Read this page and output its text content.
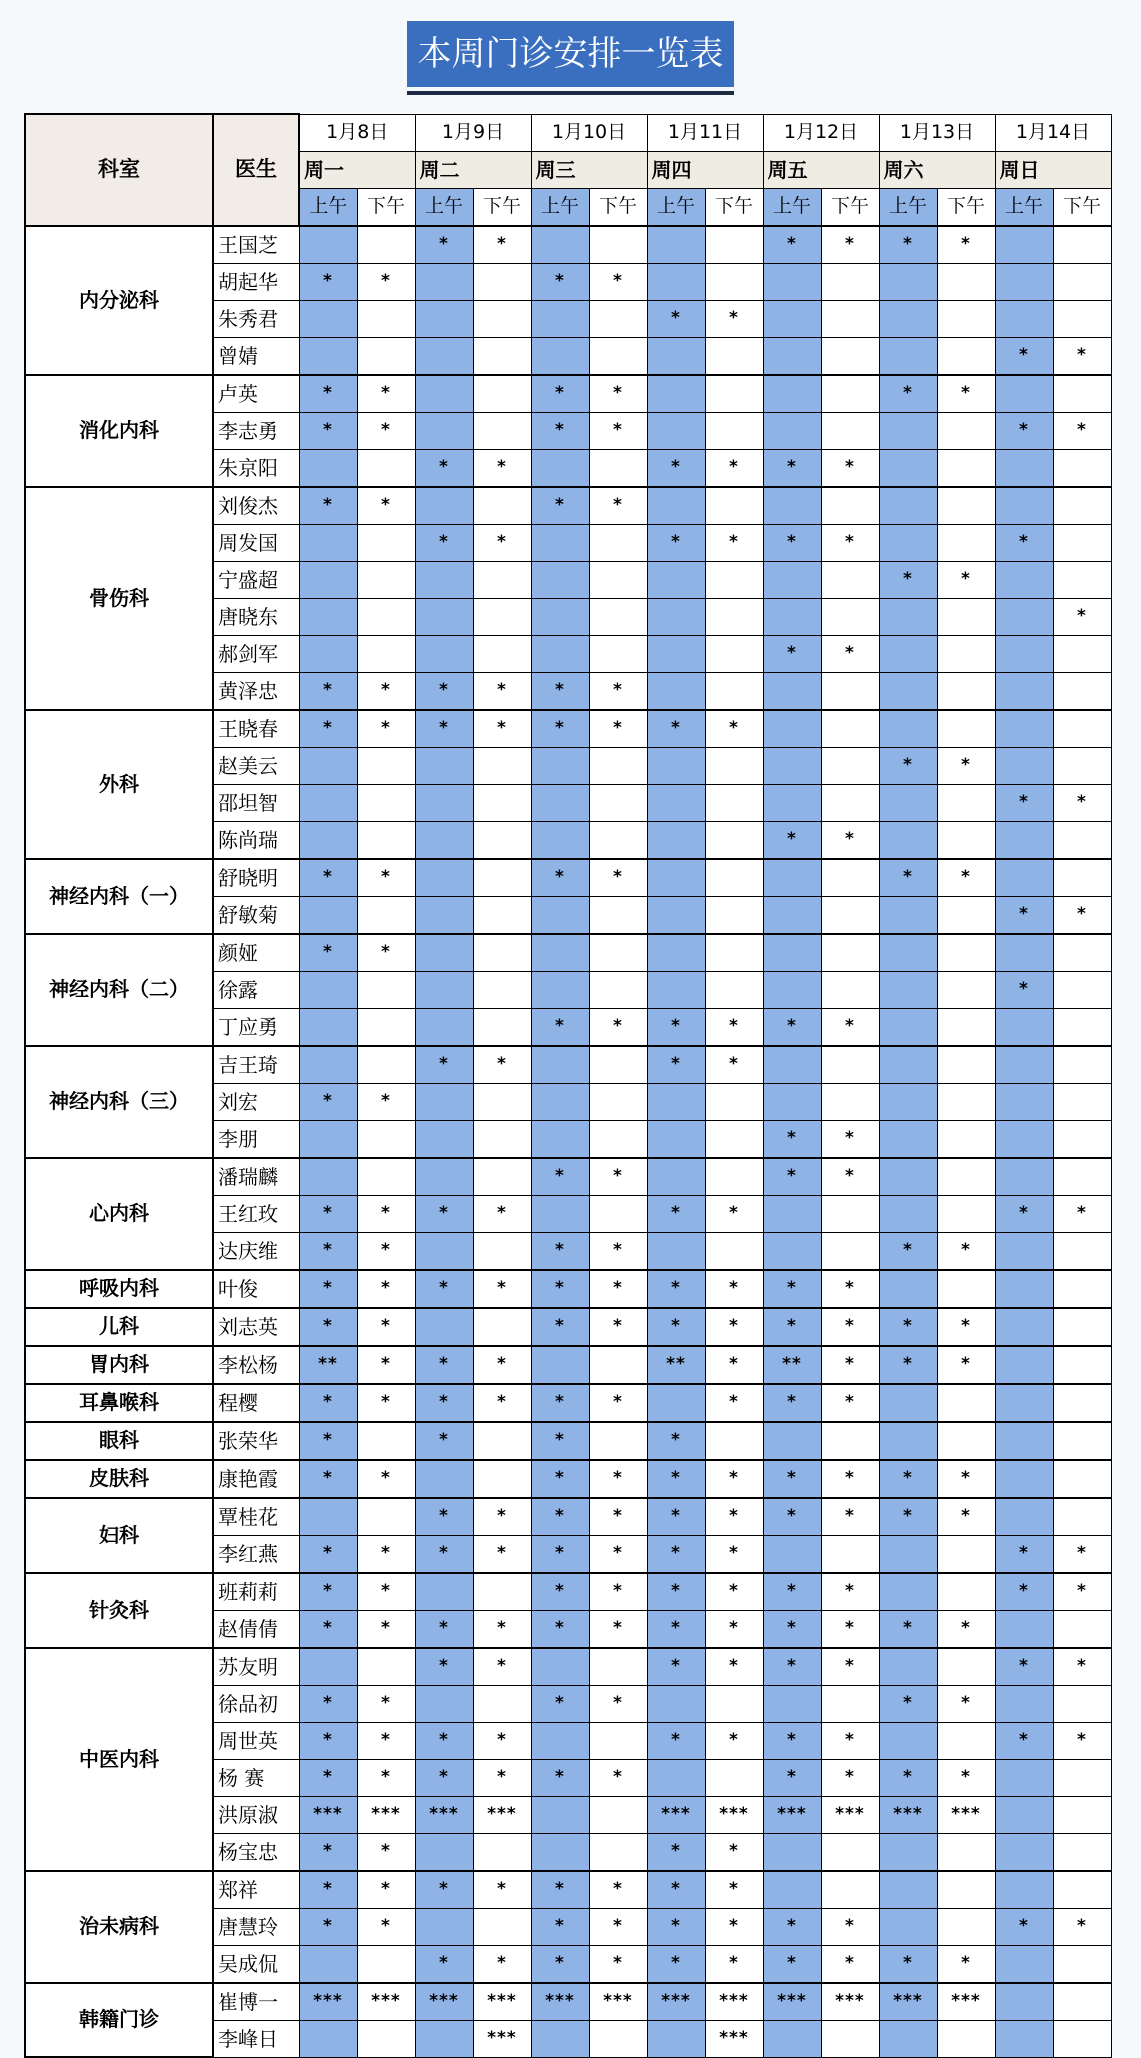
本周门诊安排一览表
科室	医生	1月8日		1月9日		1月10日		1月11日		1月12日		1月13日		1月14日	
		周一		周二		周三		周四		周五		周六		周日	
		上午	下午	上午	下午	上午	下午	上午	下午	上午	下午	上午	下午	上午	下午
内分泌科	王国芝			*	*					*	*	*	*		
	胡起华	*	*			*	*								
	朱秀君							*	*						
	曾婧													*	*
消化内科	卢英	*	*			*	*					*	*		
	李志勇	*	*			*	*							*	*
	朱京阳			*	*			*	*	*	*				
骨伤科	刘俊杰	*	*			*	*								
	周发国			*	*			*	*	*	*			*	
	宁盛超											*	*		
	唐晓东														*
	郝剑军									*	*				
	黄泽忠	*	*	*	*	*	*								
外科	王晓春	*	*	*	*	*	*	*	*						
	赵美云											*	*		
	邵坦智													*	*
	陈尚瑞									*	*				
神经内科（一）	舒晓明	*	*			*	*					*	*		
	舒敏菊													*	*
神经内科（二）	颜娅	*	*												
	徐露													*	
	丁应勇					*	*	*	*	*	*				
神经内科（三）	吉王琦			*	*			*	*						
	刘宏	*	*												
	李朋									*	*				
心内科	潘瑞麟					*	*			*	*				
	王红玫	*	*	*	*			*	*					*	*
	达庆维	*	*			*	*					*	*		
呼吸内科	叶俊	*	*	*	*	*	*	*	*	*	*				
儿科	刘志英	*	*			*	*	*	*	*	*	*	*		
胃内科	李松杨	**	*	*	*			**	*	**	*	*	*		
耳鼻喉科	程樱	*	*	*	*	*	*		*	*	*				
眼科	张荣华	*		*		*		*							
皮肤科	康艳霞	*	*			*	*	*	*	*	*	*	*		
妇科	覃桂花			*	*	*	*	*	*	*	*	*	*		
	李红燕	*	*	*	*	*	*	*	*					*	*
针灸科	班莉莉	*	*			*	*	*	*	*	*			*	*
	赵倩倩	*	*	*	*	*	*	*	*	*	*	*	*		
中医内科	苏友明			*	*			*	*	*	*			*	*
	徐品初	*	*			*	*					*	*		
	周世英	*	*	*	*			*	*	*	*			*	*
	杨 赛	*	*	*	*	*	*			*	*	*	*		
	洪原淑	***	***	***	***			***	***	***	***	***	***		
	杨宝忠	*	*					*	*						
治未病科	郑祥	*	*	*	*	*	*	*	*						
	唐慧玲	*	*			*	*	*	*	*	*			*	*
	吴成侃			*	*	*	*	*	*	*	*	*	*		
韩籍门诊	崔博一	***	***	***	***	***	***	***	***	***	***	***	***		
	李峰日				***				***						
